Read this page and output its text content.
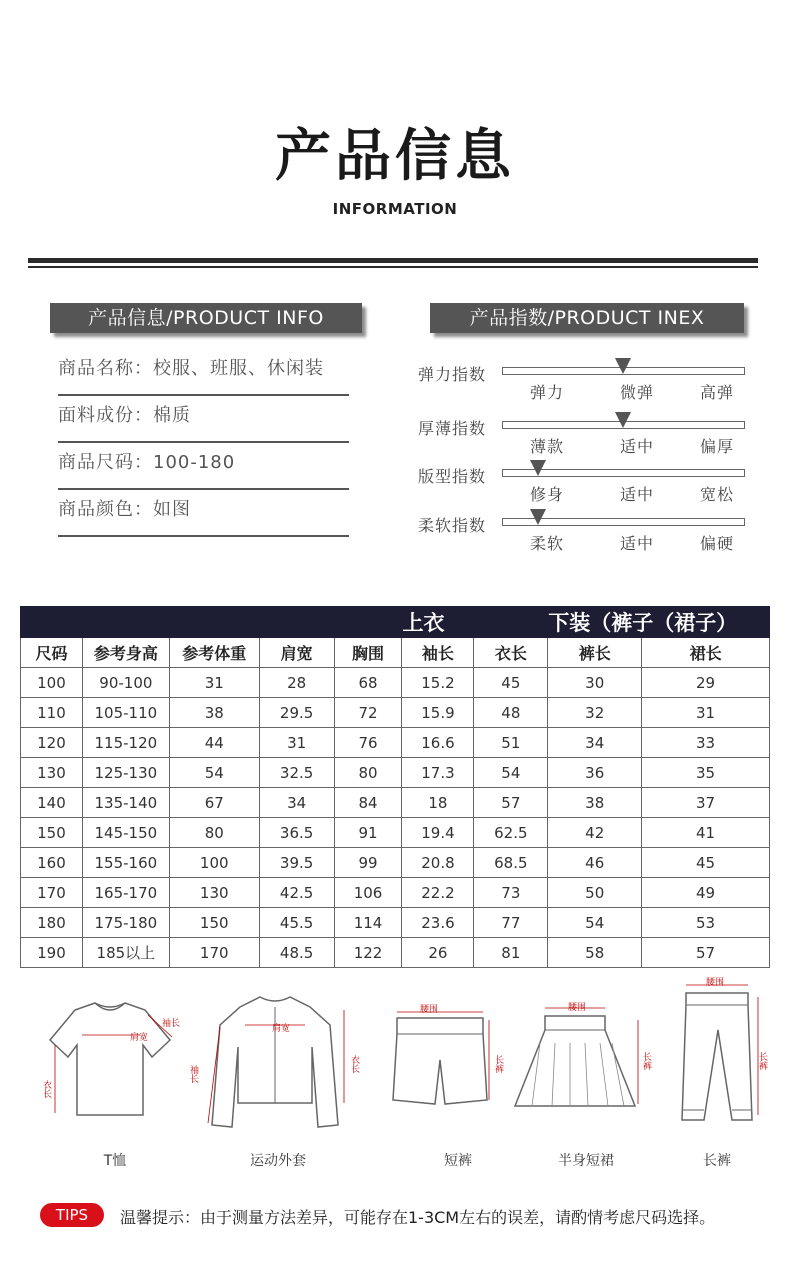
产品信息
INFORMATION
产品信息/PRODUCT INFO
商品名称：校服、班服、休闲装
面料成份：棉质
商品尺码：100-180
商品颜色：如图
产品指数/PRODUCT INEX
弹力指数
弹力	微弹	高弹
厚薄指数
薄款	适中	偏厚
版型指数
修身	适中	宽松
柔软指数
柔软	适中	偏硬
					上衣		下装（裤子（裙子）	
尺码	参考身高	参考体重	肩宽	胸围	袖长	衣长	裤长	裙长
100	90-100	31	28	68	15.2	45	30	29
110	105-110	38	29.5	72	15.9	48	32	31
120	115-120	44	31	76	16.6	51	34	33
130	125-130	54	32.5	80	17.3	54	36	35
140	135-140	67	34	84	18	57	38	37
150	145-150	80	36.5	91	19.4	62.5	42	41
160	155-160	100	39.5	99	20.8	68.5	46	45
170	165-170	130	42.5	106	22.2	73	50	49
180	175-180	150	45.5	114	23.6	77	54	53
190	185以上	170	48.5	122	26	81	58	57
T恤	运动外套	短裤	半身短裙	长裤
肩宽
袖长
衣长
肩宽
袖长
衣长
腰围
长裤
腰围
长裤
腰围
长裤
TIPS	温馨提示：由于测量方法差异，可能存在1-3CM左右的误差，请酌情考虑尺码选择。
